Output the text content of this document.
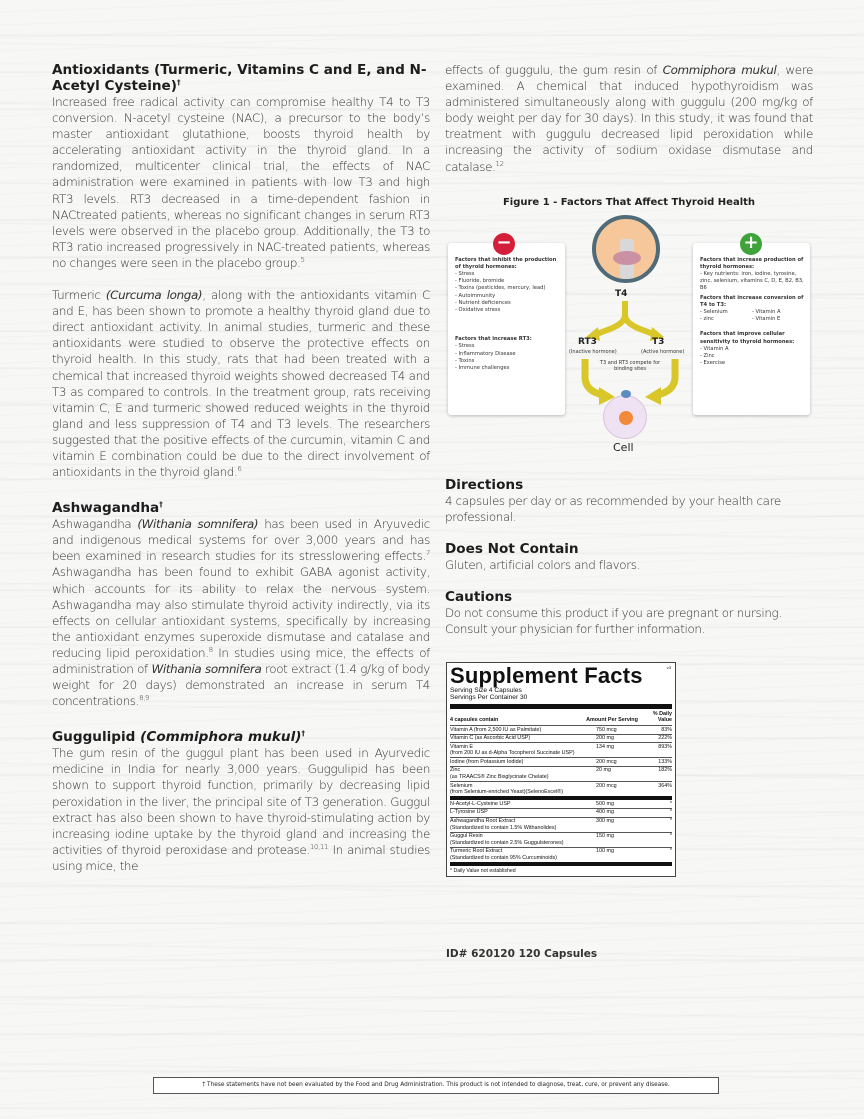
Antioxidants (Turmeric, Vitamins C and E, and N-Acetyl Cysteine)†

Increased free radical activity can compromise healthy T4 to T3 conversion. N-acetyl cysteine (NAC), a precursor to the body’s master antioxidant glutathione, boosts thyroid health by accelerating antioxidant activity in the thyroid gland. In a randomized, multicenter clinical trial, the effects of NAC administration were examined in patients with low T3 and high RT3 levels. RT3 decreased in a time-dependent fashion in NACtreated patients, whereas no significant changes in serum RT3 levels were observed in the placebo group. Additionally, the T3 to RT3 ratio increased progressively in NAC-treated patients, whereas no changes were seen in the placebo group.$^5$

Turmeric (Curcuma longa), along with the antioxidants vitamin C and E, has been shown to promote a healthy thyroid gland due to direct antioxidant activity. In animal studies, turmeric and these antioxidants were studied to observe the protective effects on thyroid health. In this study, rats that had been treated with a chemical that increased thyroid weights showed decreased T4 and T3 as compared to controls. In the treatment group, rats receiving vitamin C, E and turmeric showed reduced weights in the thyroid gland and less suppression of T4 and T3 levels. The researchers suggested that the positive effects of the curcumin, vitamin C and vitamin E combination could be due to the direct involvement of antioxidants in the thyroid gland.$^6$

Ashwagandha†

Ashwagandha (Withania somnifera) has been used in Aryuvedic and indigenous medical systems for over 3,000 years and has been examined in research studies for its stresslowering effects.$^7$ Ashwagandha has been found to exhibit GABA agonist activity, which accounts for its ability to relax the nervous system. Ashwagandha may also stimulate thyroid activity indirectly, via its effects on cellular antioxidant systems, specifically by increasing the antioxidant enzymes superoxide dismutase and catalase and reducing lipid peroxidation.$^8$ In studies using mice, the effects of administration of Withania somnifera root extract (1.4 g/kg of body weight for 20 days) demonstrated an increase in serum T4 concentrations.$^{8,9}$

Guggulipid (Commiphora mukul)†

The gum resin of the guggul plant has been used in Ayurvedic medicine in India for nearly 3,000 years. Guggulipid has been shown to support thyroid function, primarily by decreasing lipid peroxidation in the liver, the principal site of T3 generation. Guggul extract has also been shown to have thyroid-stimulating action by increasing iodine uptake by the thyroid gland and increasing the activities of thyroid peroxidase and protease.$^{10,11}$ In animal studies using mice, the

effects of guggulu, the gum resin of Commiphora mukul, were examined. A chemical that induced hypothyroidism was administered simultaneously along with guggulu (200 mg/kg of body weight per day for 30 days). In this study, it was found that treatment with guggulu decreased lipid peroxidation while increasing the activity of sodium oxidase dismutase and catalase.$^{12}$

Figure 1 - Factors That Affect Thyroid Health
Factors that inhibit the production of thyroid hormones:
- Stress
- Fluoride, bromide
- Toxins (pesticides, mercury, lead)
- Autoimmunity
- Nutrient deficiences
- Oxidative stress
Factors that increase RT3:
- Stress
- Inflammatory Disease
- Toxins
- Immune challenges
Factors that increase production of thyroid hormones:
- Key nutrients: iron, iodine, tyrosine, zinc, selenium, vitamins C, D, E, B2, B3, B6
Factors that increase conversion of T4 to T3:
- Selenium	- Vitamin A
- zinc	- Vitamin E
Factors that improve cellular sensitivity to thyroid hormones:
- Vitamin A
- Zinc
- Exercise
−	+
T4
RT3
(Inactive hormone)
T3
(Active hormone)
T3 and RT3 compete for binding sites
Cell
Directions

4 capsules per day or as recommended by your health care professional.

Does Not Contain

Gluten, artificial colors and flavors.

Cautions

Do not consume this product if you are pregnant or nursing. Consult your physician for further information.

Supplement Facts	v3
Serving Size 4 Capsules
Servings Per Container 30
4 capsules contain	Amount Per Serving	% Daily Value
Vitamin A (from 2,500 IU as Palmitate)	750 mcg	83%
Vitamin C (as Ascorbic Acid USP)	200 mg	222%
Vitamin E
(from 200 IU as d-Alpha Tocopherol Succinate USP)	134 mg	893%
Iodine (from Potassium Iodide)	200 mcg	133%
Zinc
(as TRAACS® Zinc Bisglycinate Chelate)	20 mg	182%
Selenium
(from Selenium-enriched Yeast)(SelenoExcel®)	200 mcg	364%
N-Acetyl-L-Cysteine USP	500 mg	*
L-Tyrosine USP	400 mg	*
Ashwagandha Root Extract
(Standardized to contain 1.5% Withanolides)	300 mg	*
Guggul Resin
(Standardized to contain 2.5% Guggulsterones)	150 mg	*
Turmeric Root Extract
(Standardized to contain 95% Curcuminoids)	100 mg	*
* Daily Value not established
ID# 620120 120 Capsules
† These statements have not been evaluated by the Food and Drug Administration. This product is not intended to diagnose, treat, cure, or prevent any disease.
